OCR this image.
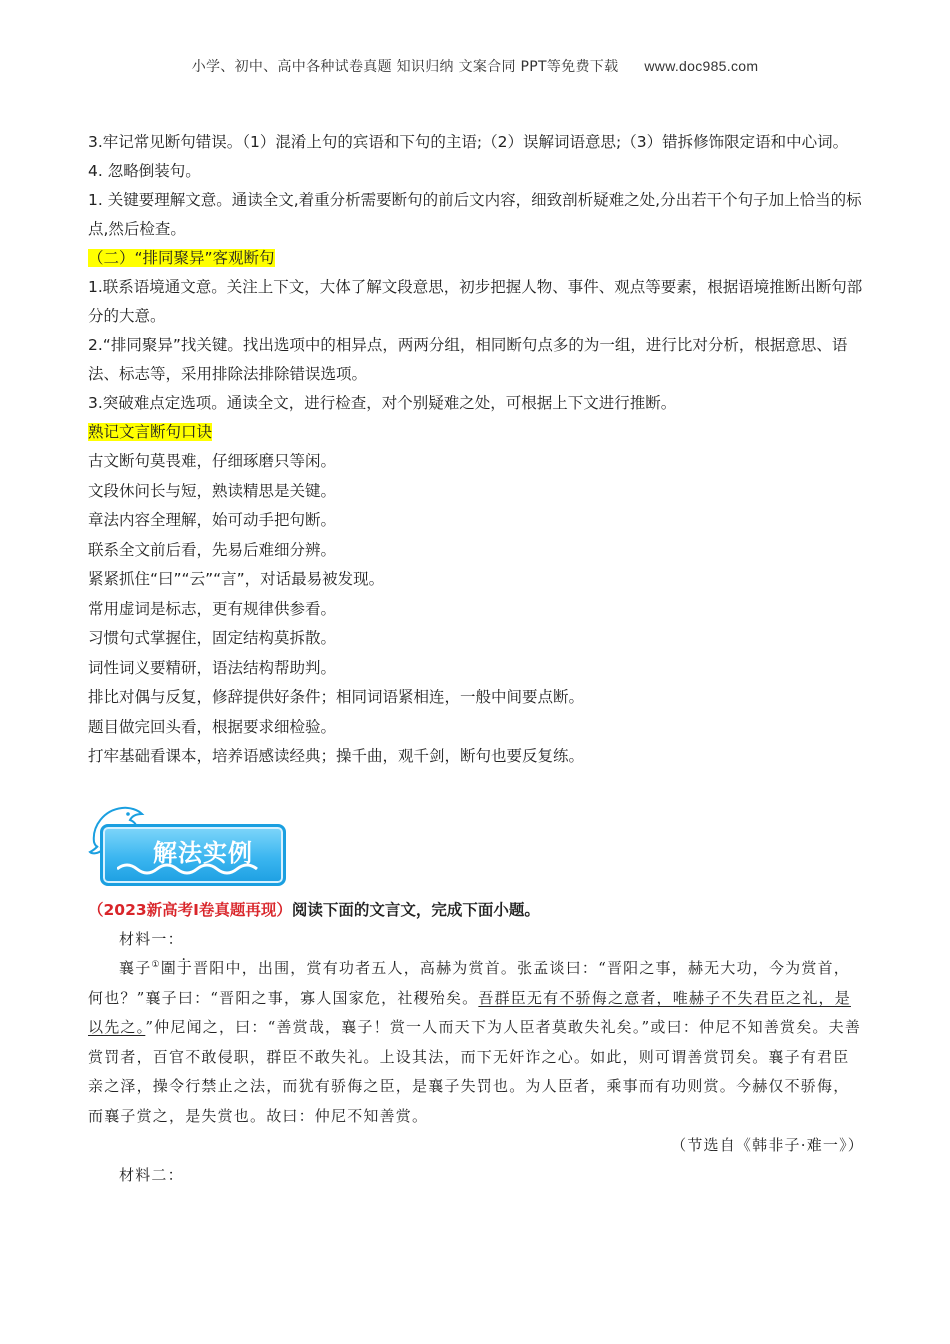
小学、初中、高中各种试卷真题 知识归纳 文案合同 PPT等免费下载 www.doc985.com

3.牢记常见断句错误。（1）混淆上句的宾语和下句的主语;（2）误解词语意思;（3）错拆修饰限定语和中心词。

4. 忽略倒装句。

1. 关键要理解文意。通读全文,着重分析需要断句的前后文内容，细致剖析疑难之处,分出若干个句子加上恰当的标点,然后检查。

（二）“排同聚异”客观断句

1.联系语境通文意。关注上下文，大体了解文段意思，初步把握人物、事件、观点等要素，根据语境推断出断句部分的大意。

2.“排同聚异”找关键。找出选项中的相异点，两两分组，相同断句点多的为一组，进行比对分析，根据意思、语法、标志等，采用排除法排除错误选项。

3.突破难点定选项。通读全文，进行检查，对个别疑难之处，可根据上下文进行推断。

熟记文言断句口诀

古文断句莫畏难，仔细琢磨只等闲。

文段休问长与短，熟读精思是关键。

章法内容全理解，始可动手把句断。

联系全文前后看，先易后难细分辨。

紧紧抓住“曰”“云”“言”，对话最易被发现。

常用虚词是标志，更有规律供参看。

习惯句式掌握住，固定结构莫拆散。

词性词义要精研，语法结构帮助判。

排比对偶与反复，修辞提供好条件；相同词语紧相连，一般中间要点断。

题目做完回头看，根据要求细检验。

打牢基础看课本，培养语感读经典；操千曲，观千剑，断句也要反复练。

解法实例

（2023新高考I卷真题再现）阅读下面的文言文，完成下面小题。

材料一：

襄子①圍于晋阳中，出围，赏有功者五人，高赫为赏首。张孟谈曰：“晋阳之事，赫无大功，今为赏首，何也？”襄子曰：“晋阳之事，寡人国家危，社稷殆矣。吾群臣无有不骄侮之意者，唯赫子不失君臣之礼，是以先之。”仲尼闻之，曰：“善赏哉，襄子！赏一人而天下为人臣者莫敢失礼矣。”或曰：仲尼不知善赏矣。夫善赏罚者，百官不敢侵职，群臣不敢失礼。上设其法，而下无奸诈之心。如此，则可谓善赏罚矣。襄子有君臣亲之泽，操令行禁止之法，而犹有骄侮之臣，是襄子失罚也。为人臣者，乘事而有功则赏。今赫仅不骄侮，而襄子赏之，是失赏也。故曰：仲尼不知善赏。

（节选自《韩非子·难一》）

材料二：
